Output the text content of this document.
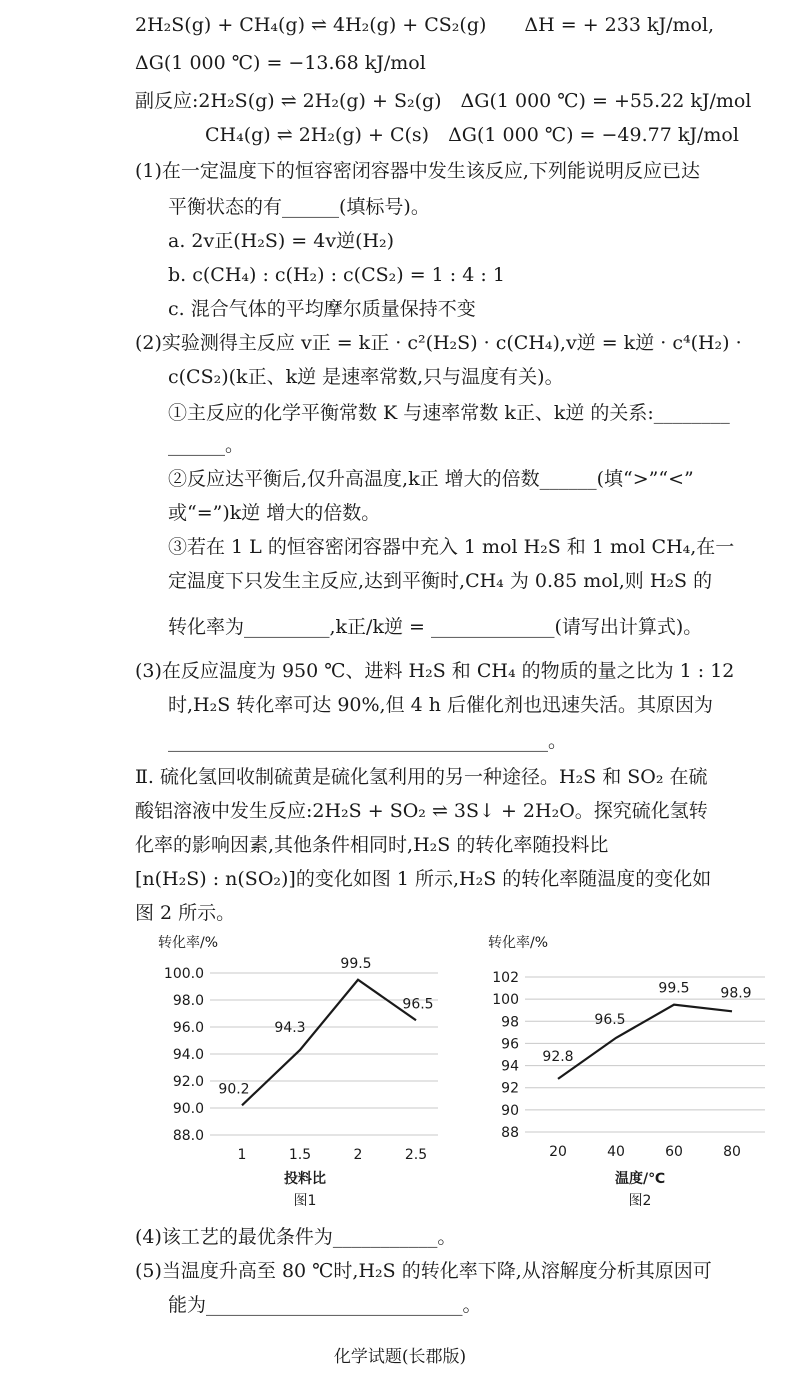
2H₂S(g) + CH₄(g) ⇌ 4H₂(g) + CS₂(g)　　ΔH = + 233 kJ/mol,
ΔG(1 000 ℃) = −13.68 kJ/mol
副反应:2H₂S(g) ⇌ 2H₂(g) + S₂(g)　ΔG(1 000 ℃) = +55.22 kJ/mol
CH₄(g) ⇌ 2H₂(g) + C(s)　ΔG(1 000 ℃) = −49.77 kJ/mol
(1)在一定温度下的恒容密闭容器中发生该反应,下列能说明反应已达
平衡状态的有______(填标号)。
a. 2v正(H₂S) = 4v逆(H₂)
b. c(CH₄) : c(H₂) : c(CS₂) = 1 : 4 : 1
c. 混合气体的平均摩尔质量保持不变
(2)实验测得主反应 v正 = k正 · c²(H₂S) · c(CH₄),v逆 = k逆 · c⁴(H₂) ·
c(CS₂)(k正、k逆 是速率常数,只与温度有关)。
①主反应的化学平衡常数 K 与速率常数 k正、k逆 的关系:________
______。
②反应达平衡后,仅升高温度,k正 增大的倍数______(填“>”“<”
或“=”)k逆 增大的倍数。
③若在 1 L 的恒容密闭容器中充入 1 mol H₂S 和 1 mol CH₄,在一
定温度下只发生主反应,达到平衡时,CH₄ 为 0.85 mol,则 H₂S 的
转化率为_________,k正/k逆 = _____________(请写出计算式)。
(3)在反应温度为 950 ℃、进料 H₂S 和 CH₄ 的物质的量之比为 1 : 12
时,H₂S 转化率可达 90%,但 4 h 后催化剂也迅速失活。其原因为
________________________________________。
Ⅱ. 硫化氢回收制硫黄是硫化氢利用的另一种途径。H₂S 和 SO₂ 在硫
酸铝溶液中发生反应:2H₂S + SO₂ ⇌ 3S↓ + 2H₂O。探究硫化氢转
化率的影响因素,其他条件相同时,H₂S 的转化率随投料比
[n(H₂S) : n(SO₂)]的变化如图 1 所示,H₂S 的转化率随温度的变化如
图 2 所示。
转化率/%
100.0
98.0
96.0
94.0
92.0
90.0
88.0
1	1.5	2	2.5
90.2
94.3
99.5
96.5
投料比
图1
转化率/%
102
100
98
96
94
92
90
88
20	40	60	80
92.8
96.5
99.5 98.9
温度/℃
图2
(4)该工艺的最优条件为___________。
(5)当温度升高至 80 ℃时,H₂S 的转化率下降,从溶解度分析其原因可
能为___________________________。
化学试题(长郡版)
